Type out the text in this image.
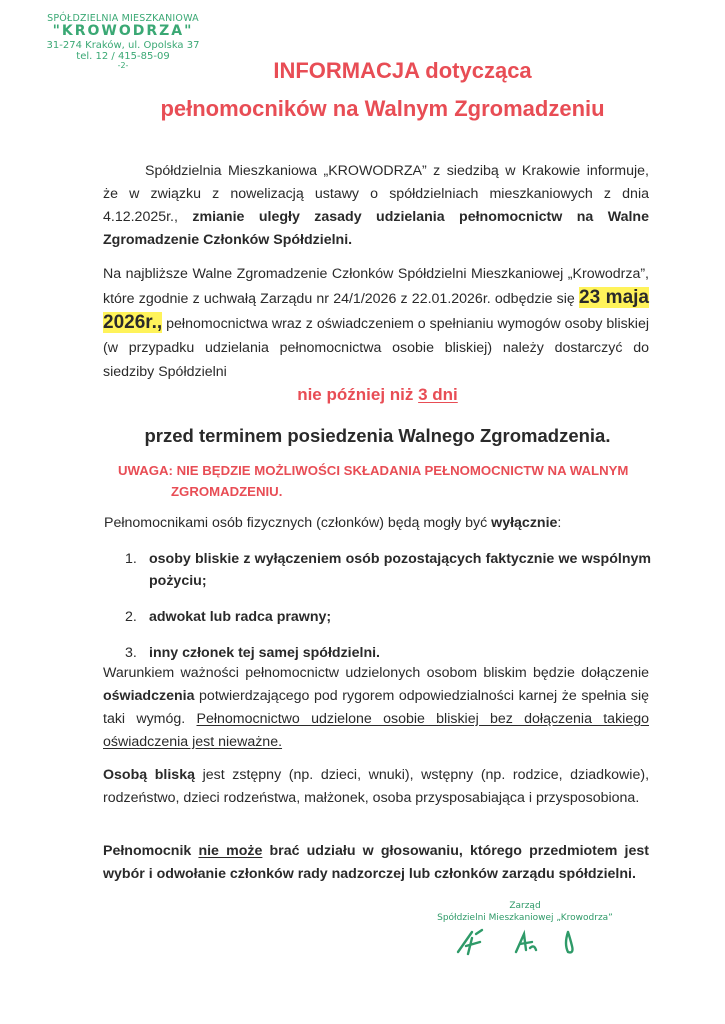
SPÓŁDZIELNIA MIESZKANIOWA
"KROWODRZA"
31-274 Kraków, ul. Opolska 37
tel. 12 / 415-85-09
-2-	INFORMACJA dotycząca
pełnomocników na Walnym Zgromadzeniu
Spółdzielnia Mieszkaniowa „KROWODRZA” z siedzibą w Krakowie informuje, że w związku z nowelizacją ustawy o spółdzielniach mieszkaniowych z dnia 4.12.2025r., zmianie uległy zasady udzielania pełnomocnictw na Walne Zgromadzenie Członków Spółdzielni.
Na najbliższe Walne Zgromadzenie Członków Spółdzielni Mieszkaniowej „Krowodrza”, które zgodnie z uchwałą Zarządu nr 24/1/2026 z 22.01.2026r. odbędzie się 23 maja 2026r., pełnomocnictwa wraz z oświadczeniem o spełnianiu wymogów osoby bliskiej (w przypadku udzielania pełnomocnictwa osobie bliskiej) należy dostarczyć do siedziby Spółdzielni
nie później niż 3 dni
przed terminem posiedzenia Walnego Zgromadzenia.
UWAGA: NIE BĘDZIE MOŻLIWOŚCI SKŁADANIA PEŁNOMOCNICTW NA WALNYM
ZGROMADZENIU.
Pełnomocnikami osób fizycznych (członków) będą mogły być wyłącznie:
1. osoby bliskie z wyłączeniem osób pozostających faktycznie we wspólnym pożyciu;
2. adwokat lub radca prawny;
3. inny członek tej samej spółdzielni.
Warunkiem ważności pełnomocnictw udzielonych osobom bliskim będzie dołączenie oświadczenia potwierdzającego pod rygorem odpowiedzialności karnej że spełnia się taki wymóg. Pełnomocnictwo udzielone osobie bliskiej bez dołączenia takiego oświadczenia jest nieważne.
Osobą bliską jest zstępny (np. dzieci, wnuki), wstępny (np. rodzice, dziadkowie), rodzeństwo, dzieci rodzeństwa, małżonek, osoba przysposabiająca i przysposobiona.
Pełnomocnik nie może brać udziału w głosowaniu, którego przedmiotem jest wybór i odwołanie członków rady nadzorczej lub członków zarządu spółdzielni.
Zarząd
Spółdzielni Mieszkaniowej „Krowodrza”
